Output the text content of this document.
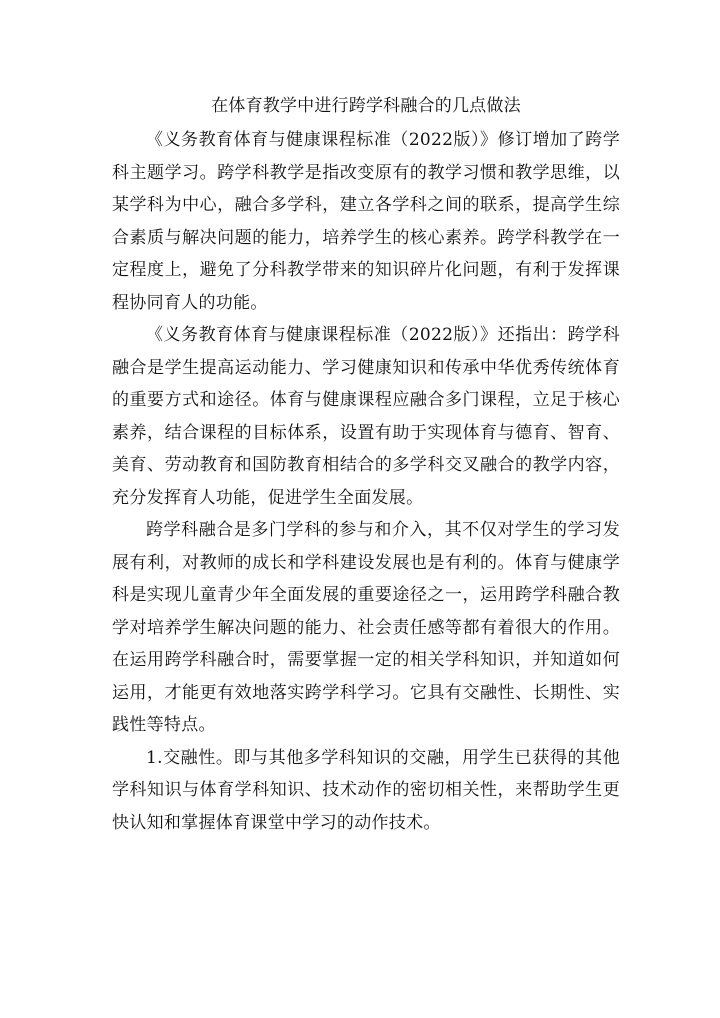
在体育教学中进行跨学科融合的几点做法

《义务教育体育与健康课程标准（2022版）》修订增加了跨学科主题学习。跨学科教学是指改变原有的教学习惯和教学思维，以某学科为中心，融合多学科，建立各学科之间的联系，提高学生综合素质与解决问题的能力，培养学生的核心素养。跨学科教学在一定程度上，避免了分科教学带来的知识碎片化问题，有利于发挥课程协同育人的功能。

《义务教育体育与健康课程标准（2022版）》还指出：跨学科融合是学生提高运动能力、学习健康知识和传承中华优秀传统体育的重要方式和途径。体育与健康课程应融合多门课程，立足于核心素养，结合课程的目标体系，设置有助于实现体育与德育、智育、美育、劳动教育和国防教育相结合的多学科交叉融合的教学内容，充分发挥育人功能，促进学生全面发展。

跨学科融合是多门学科的参与和介入，其不仅对学生的学习发展有利，对教师的成长和学科建设发展也是有利的。体育与健康学科是实现儿童青少年全面发展的重要途径之一，运用跨学科融合教学对培养学生解决问题的能力、社会责任感等都有着很大的作用。在运用跨学科融合时，需要掌握一定的相关学科知识，并知道如何运用，才能更有效地落实跨学科学习。它具有交融性、长期性、实践性等特点。

1.交融性。即与其他多学科知识的交融，用学生已获得的其他学科知识与体育学科知识、技术动作的密切相关性，来帮助学生更快认知和掌握体育课堂中学习的动作技术。
